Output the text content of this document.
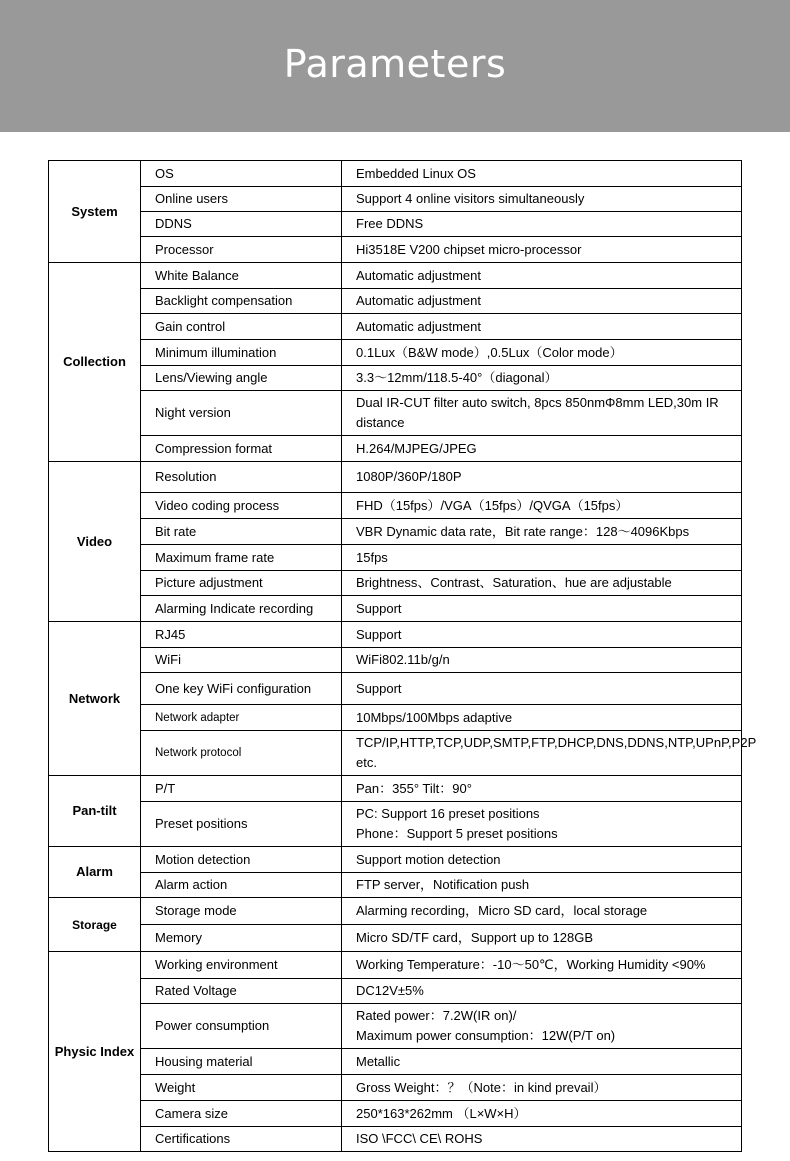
Parameters
System	OS	Embedded Linux OS

	Online users	Support 4 online visitors simultaneously

	DDNS	Free DDNS

	Processor	Hi3518E V200 chipset micro-processor

Collection	White Balance	Automatic adjustment

	Backlight compensation	Automatic adjustment

	Gain control	Automatic adjustment

	Minimum illumination	0.1Lux（B&W mode）,0.5Lux（Color mode）

	Lens/Viewing angle	3.3～12mm/118.5-40°（diagonal）

	Night version	Dual IR-CUT filter auto switch, 8pcs 850nmΦ8mm LED,30m IR distance

	Compression format	H.264/MJPEG/JPEG

Video	Resolution	1080P/360P/180P

	Video coding process	FHD（15fps）/VGA（15fps）/QVGA（15fps）

	Bit rate	VBR Dynamic data rate，Bit rate range：128～4096Kbps

	Maximum frame rate	15fps

	Picture adjustment	Brightness、Contrast、Saturation、hue are adjustable

	Alarming Indicate recording	Support

Network	RJ45	Support

	WiFi	WiFi802.11b/g/n

	One key WiFi configuration	Support

	Network adapter	10Mbps/100Mbps adaptive

	Network protocol	TCP/IP,HTTP,TCP,UDP,SMTP,FTP,DHCP,DNS,DDNS,NTP,UPnP,P2P etc.

Pan-tilt	P/T	Pan：355° Tilt：90°

	Preset positions	PC: Support 16 preset positions
Phone：Support 5 preset positions

Alarm	Motion detection	Support motion detection

	Alarm action	FTP server，Notification push

Storage	Storage mode	Alarming recording，Micro SD card，local storage

	Memory	Micro SD/TF card，Support up to 128GB

Physic Index	Working environment	Working Temperature：-10～50℃，Working Humidity <90%

	Rated Voltage	DC12V±5%

	Power consumption	Rated power：7.2W(IR on)/
Maximum power consumption：12W(P/T on)

	Housing material	Metallic

	Weight	Gross Weight：？（Note：in kind prevail）

	Camera size	250*163*262mm （L×W×H）

	Certifications	ISO \FCC\ CE\ ROHS
